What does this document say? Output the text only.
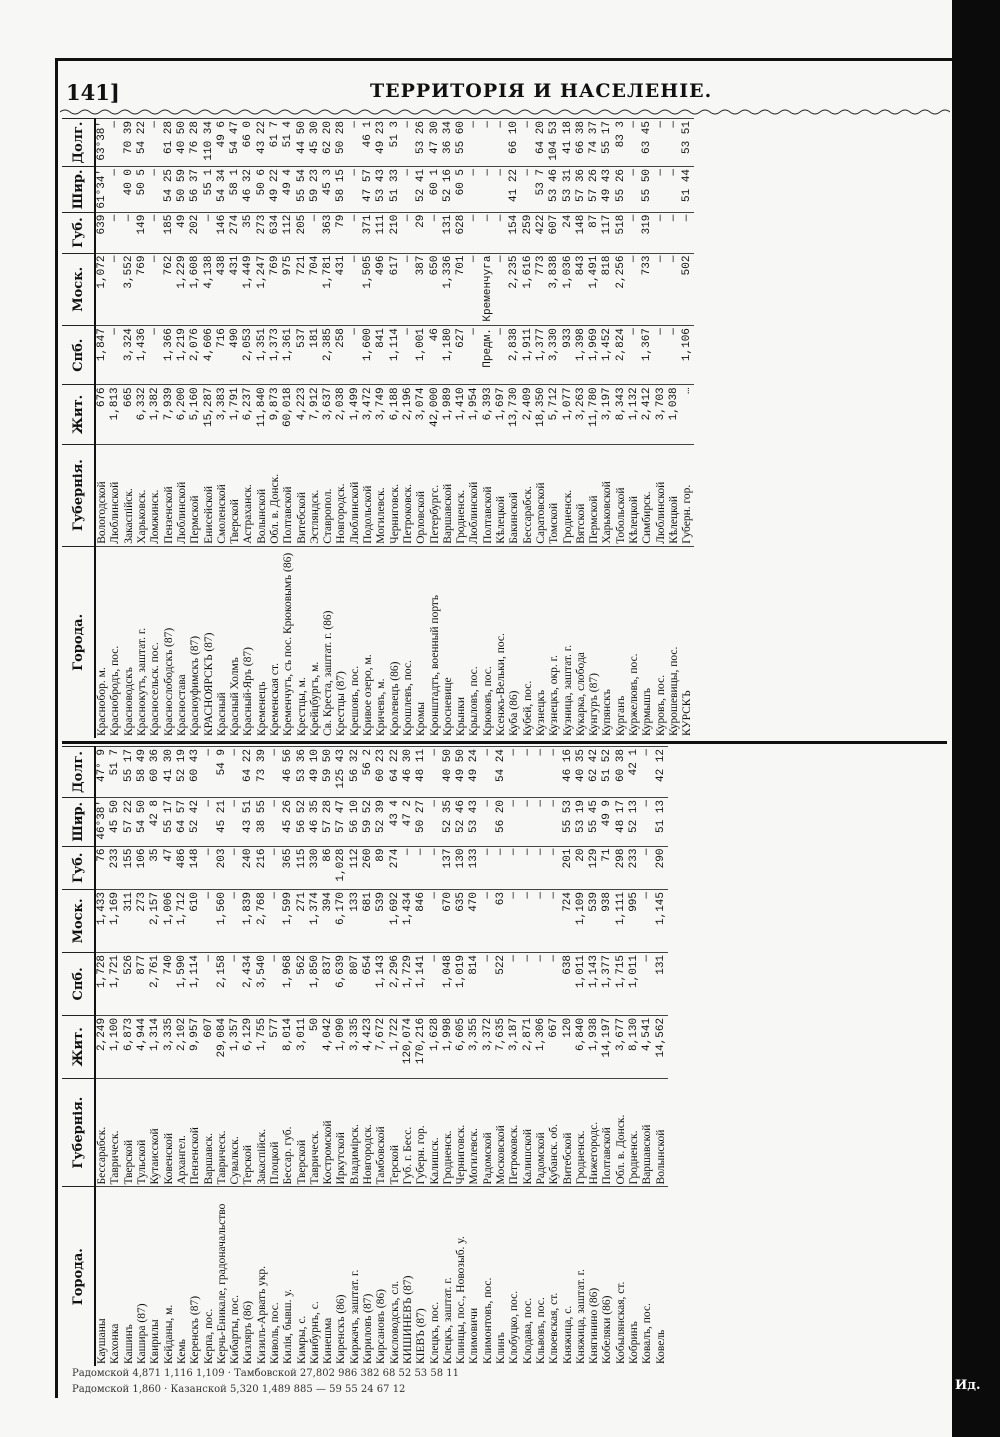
141]	ТЕРРИТОРІЯ И НАСЕЛЕНІЕ.
Города.	Губернія.	Жит.	Спб.	Моск.	Губ.	Шир.	Долг.
Каушаны	Бессарабск.	2,249	1,728	1,433	76	46°38'	47° 9
Кахонка	Таврическ.	1,100	1,721	1,169	233	45 50	51 7
Кашинъ	Тверской	6,873	526	311	155	57 22	55 17
Кашира (87)	Тульской	4,944	877	273	106	54 50	58 49
Квирилы	Кутаисской	1,314	2,761	2,157	35	42 8	60 36
Кейданы, м.	Ковенской	3,335	740	1,006	47	55 17	41 30
Кемь	Архангел.	2,102	1,590	1,712	486	64 57	52 19
Керенскъ (87)	Пензенской	9,957	1,114	610	148	52 42	60 43
Керпа, пос.	Варшавск.	607	—	—	—	—	—
Керчь-Еникале, градоначальство	Таврическ.	29,084	2,158	1,560	203	45 21	54 9
Кибарты, пос.	Сувалкск.	1,357	—	—	—	—	—
Кизляръ (86)	Терской	6,129	2,434	1,839	240	43 51	64 22
Кизилъ-Арватъ укр.	Закаспійск.	1,755	3,540	2,768	216	38 55	73 39
Киволь, пос.	Плоцкой	577	—	—	—	—	—
Килія, бывш. у.	Бессар. губ.	8,014	1,968	1,599	365	45 26	46 56
Кимры, с.	Тверской	3,011	562	271	115	56 52	53 36
Кинбурнъ, с.	Таврическ.	50	1,850	1,374	330	46 35	49 10
Кинешма	Костромской	4,042	837	394	86	57 28	59 50
Киренскъ (86)	Иркутской	1,090	6,639	6,170	1,028	57 47	125 43
Киржачъ, заштат. г.	Владимірск.	3,335	807	133	112	56 10	56 32
Кириловъ (87)	Новгородск.	4,423	654	681	260	59 52	56 2
Кирсановъ (86)	Тамбовской	7,672	1,143	539	89	52 39	60 23
Кисловодскъ, сл.	Терской	1,722	2,296	1,692	274	43 4	64 22
КИШИНЕВЪ (87)	Губ. г. Бесс.	120,074	1,729	1,434	—	47 2	46 30
КІЕВЪ (87)	Губерн. гор.	170,216	1,141	846	—	50 27	48 11
Клецкъ, пос.	Калишск.	1,628	—	—	—	—	—
Клецкъ, заштат. г.	Гродненск.	1,998	1,048	670	137	52 35	40 50
Клинцы, пос., Новозыб. у.	Черниговск.	6,605	1,019	635	130	52 46	49 50
Климовичи	Могилевск.	3,355	814	470	133	53 43	49 24
Климонтовъ, пос.	Радомской	3,372	—	—	—	—	—
Клинъ	Московской	7,635	522	63	—	56 20	54 24
Клобуцко, пос.	Петроковск.	3,187	—	—	—	—	—
Клодава, пос.	Калишской	2,871	—	—	—	—	—
Кльвовъ, пос.	Радомской	1,306	—	—	—	—	—
Клюевская, ст.	Кубанск. об.	667	—	—	—	—	—
Княжица, с.	Витебской	120	638	724	201	55 53	46 16
Княжица, заштат. г.	Гродненск.	6,840	1,011	1,109	20	53 19	40 35
Княгинино (86)	Нижегородс.	1,938	1,143	539	129	55 45	62 42
Кобеляки (86)	Полтавской	14,197	1,377	938	71	49 9	51 52
Кобылянская, ст.	Обл. в. Донск.	3,677	1,715	1,111	298	48 17	60 38
Кобринъ	Гродненск.	8,130	1,011	995	233	52 13	42 1
Ковалъ, пос.	Варшавской	4,541	—	—	—	—	—
Ковель	Волынской	14,562	131	1,145	290	51 13	42 12
Города.	Губернія.	Жит.	Спб.	Моск.	Губ.	Шир.	Долг.
Краснобор. м.	Вологодской	676	1,847	1,072	639	61°34'	63°38'
Краснобродъ, пос.	Люблинской	1,813	—	—	—	—	—
Красноводскъ	Закаспійск.	665	3,324	3,552	—	40 0	70 39
Краснокутъ, заштат. г.	Харьковск.	6,332	1,436	769	149	50 5	54 22
Красносельск. пос.	Ломжинск.	1,382	—	—	—	—	—
Краснослободскъ (87)	Пензенской	7,939	1,366	762	185	54 25	61 28
Красностава	Люблинской	6,200	1,219	1,229	49	50 59	40 50
Красноуфимскъ (87)	Пермской	5,160	2,076	1,608	202	56 37	76 28
КРАСНОЯРСКЪ (87)	Енисейской	15,287	4,606	4,138	—	55 1	110 34
Красный	Смоленской	3,383	716	438	146	54 34	49 6
Красный Холмъ	Тверской	1,791	490	431	274	58 1	54 47
Красный-Яръ (87)	Астраханск.	6,237	2,053	1,449	35	46 32	66 0
Кременецъ	Волынской	11,840	1,351	1,247	273	50 6	43 22
Кременская ст.	Обл. в. Донск.	9,873	1,373	769	634	49 22	61 7
Кременчугъ, съ пос. Крюковымъ (86)	Полтавской	60,018	1,361	975	112	49 4	51 4
Крестцы, м.	Витебской	4,223	537	721	205	55 54	44 50
Крейцбургъ, м.	Эстляндск.	7,912	181	704	—	59 23	45 30
Св. Креста, заштат. г. (86)	Ставропол.	3,637	2,385	1,781	363	45 3	62 20
Крестцы (87)	Новгородск.	2,038	258	431	79	58 15	50 28
Крешовъ, пос.	Люблинской	1,499	—	—	—	—	—
Кривое озеро, м.	Подольской	3,472	1,600	1,505	371	47 57	46 1
Кричевъ, м.	Могилевск.	3,749	841	496	111	53 43	49 23
Кролевецъ (86)	Черниговск.	6,188	1,114	617	210	51 33	51 3
Крошлевъ, пос.	Петроковск.	2,196	—	—	—	—	—
Кромы	Орловской	3,074	1,001	387	29	52 41	53 26
Кронштадтъ, военный портъ	Петербургс.	42,000	46	650	—	60 1	47 30
Кросневице	Варшавской	1,989	1,180	1,336	131	52 16	36 34
Крынки	Гродненск.	1,410	627	701	628	60 5	55 60
Крыловъ, пос.	Люблинской	1,954	—	—	—	—	—
Крюковъ, пос.	Полтавской	6,393	Предм.	Кременчуга	—	—	—
Ксенжъ-Вельки, пос.	Кѣлецкой	1,697	—	—	—	—	—
Куба (86)	Бакинской	13,730	2,838	2,235	154	41 22	66 10
Кубей, пос.	Бессарабск.	2,409	1,911	1,616	259	—	—
Кузнецкъ	Саратовской	18,350	1,377	773	422	53 7	64 20
Кузнецкъ, окр. г.	Томской	5,712	3,330	3,838	607	53 46	104 53
Кузница, заштат. г.	Гродненск.	1,077	933	1,036	24	53 31	41 18
Кукарка, слобода	Вятской	3,263	1,398	843	148	57 36	66 38
Кунгуръ (87)	Пермской	11,780	1,969	1,491	87	57 26	74 37
Купянскъ	Харьковской	3,197	1,452	818	117	49 43	55 17
Курганъ	Тобольской	8,343	2,824	2,256	518	55 26	83 3
Куржелювъ, пос.	Кѣлецкой	1,132	—	—	—	—	—
Курмышъ	Симбирск.	2,412	1,367	733	319	55 50	63 45
Куровъ, пос.	Люблинской	3,703	—	—	—	—	—
Курошевицы, пос.	Кѣлецкой	1,038	—	—	—	—	—
КУРСКЪ	Губерн. гор.	…	1,106	502	—	51 44	53 51
Радомской 4,871 1,116 1,109 · Тамбовской 27,802 986 382 68 52 53 58 11
Радомской 1,860 · Казанской 5,320 1,489 885 — 59 55 24 67 12	Ид.
